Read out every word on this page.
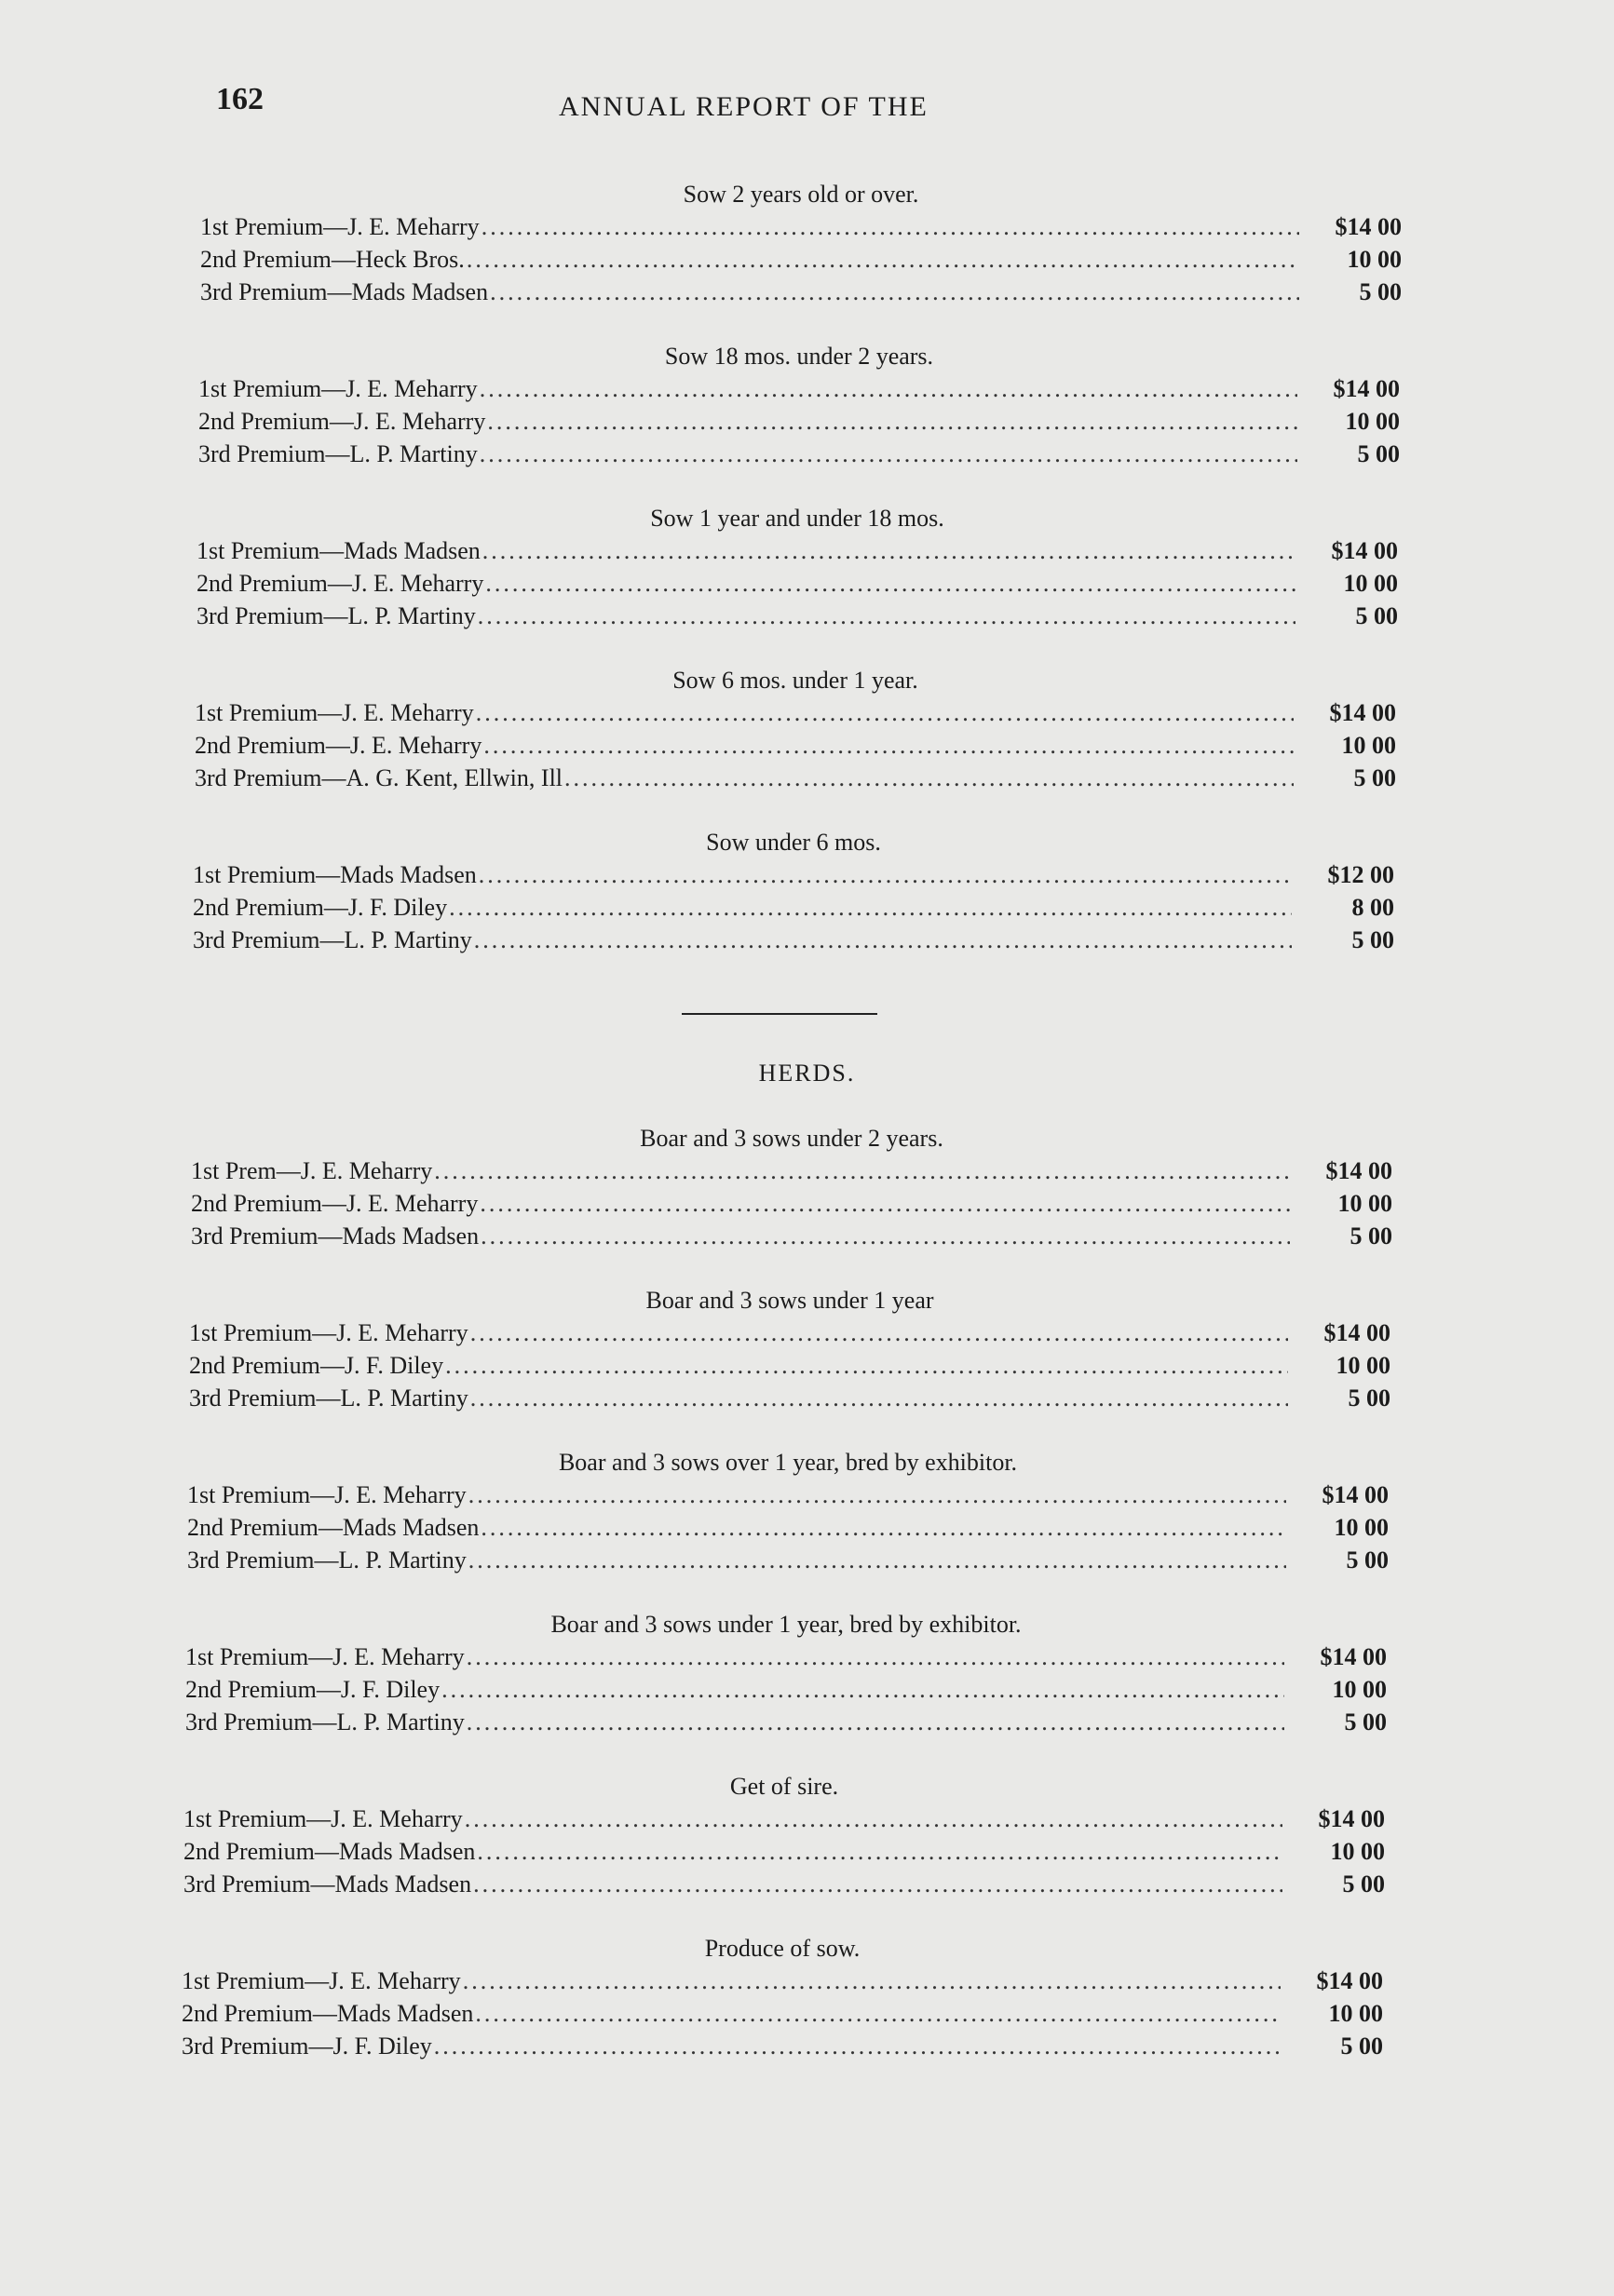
162	ANNUAL REPORT OF THE
Sow 2 years old or over.
1st Premium—J. E. Meharry .....	$14 00
2nd Premium—Heck Bros. .....	10 00
3rd Premium—Mads Madsen .....	5 00
Sow 18 mos. under 2 years.
1st Premium—J. E. Meharry .....	$14 00
2nd Premium—J. E. Meharry .....	10 00
3rd Premium—L. P. Martiny .....	5 00
Sow 1 year and under 18 mos.
1st Premium—Mads Madsen .....	$14 00
2nd Premium—J. E. Meharry .....	10 00
3rd Premium—L. P. Martiny .....	5 00
Sow 6 mos. under 1 year.
1st Premium—J. E. Meharry .....	$14 00
2nd Premium—J. E. Meharry .....	10 00
3rd Premium—A. G. Kent, Ellwin, Ill .....	5 00
Sow under 6 mos.
1st Premium—Mads Madsen .....	$12 00
2nd Premium—J. F. Diley .....	8 00
3rd Premium—L. P. Martiny .....	5 00
Boar and 3 sows under 2 years.
1st Prem—J. E. Meharry .....	$14 00
2nd Premium—J. E. Meharry .....	10 00
3rd Premium—Mads Madsen .....	5 00
Boar and 3 sows under 1 year
1st Premium—J. E. Meharry .....	$14 00
2nd Premium—J. F. Diley .....	10 00
3rd Premium—L. P. Martiny .....	5 00
Boar and 3 sows over 1 year, bred by exhibitor.
1st Premium—J. E. Meharry .....	$14 00
2nd Premium—Mads Madsen .....	10 00
3rd Premium—L. P. Martiny .....	5 00
Boar and 3 sows under 1 year, bred by exhibitor.
1st Premium—J. E. Meharry .....	$14 00
2nd Premium—J. F. Diley .....	10 00
3rd Premium—L. P. Martiny .....	5 00
Get of sire.
1st Premium—J. E. Meharry .....	$14 00
2nd Premium—Mads Madsen .....	10 00
3rd Premium—Mads Madsen .....	5 00
Produce of sow.
1st Premium—J. E. Meharry .....	$14 00
2nd Premium—Mads Madsen .....	10 00
3rd Premium—J. F. Diley .....	5 00
HERDS.
